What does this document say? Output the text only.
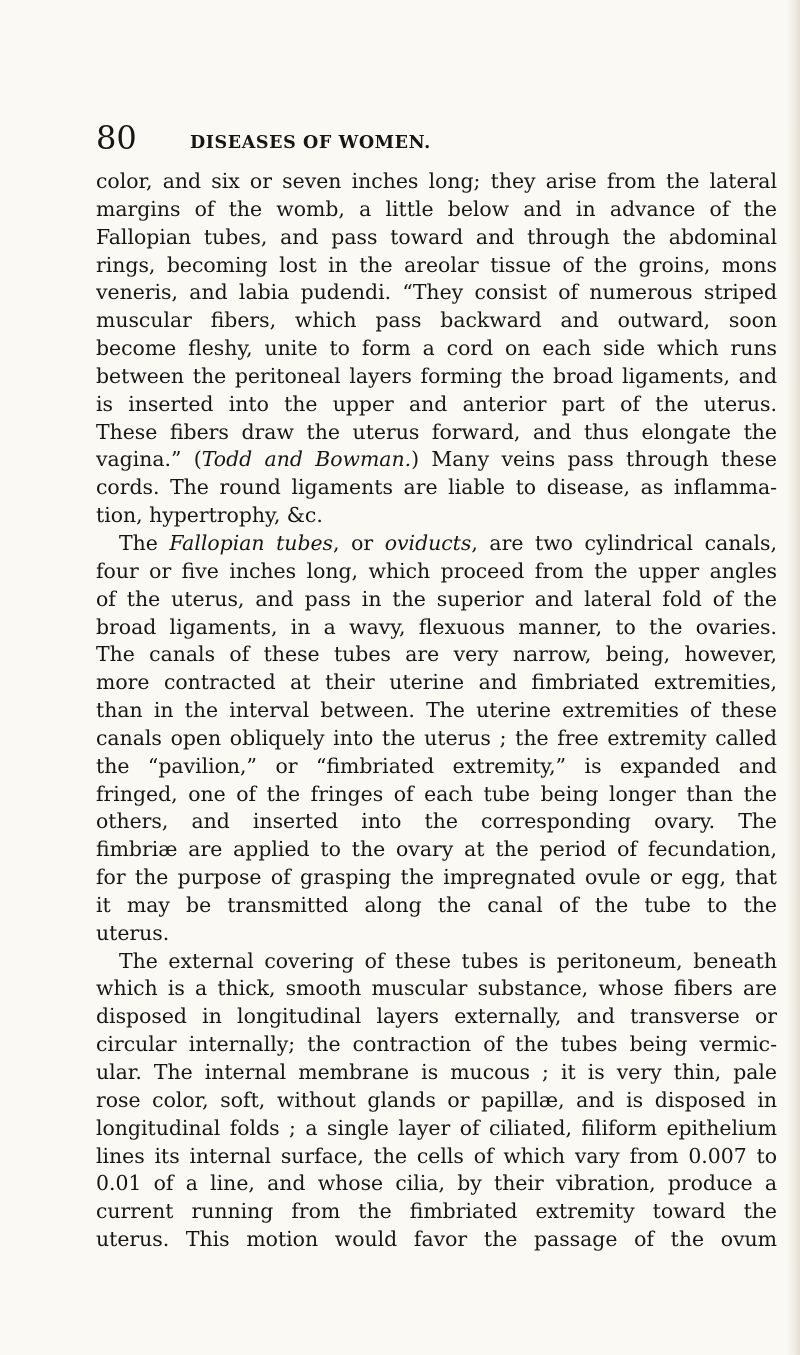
80	DISEASES OF WOMEN.
color, and six or seven inches long; they arise from the lateral
margins of the womb, a little below and in advance of the
Fallopian tubes, and pass toward and through the abdominal
rings, becoming lost in the areolar tissue of the groins, mons
veneris, and labia pudendi. “They consist of numerous striped
muscular fibers, which pass backward and outward, soon
become fleshy, unite to form a cord on each side which runs
between the peritoneal layers forming the broad ligaments, and
is inserted into the upper and anterior part of the uterus.
These fibers draw the uterus forward, and thus elongate the
vagina.” (Todd and Bowman.) Many veins pass through these
cords. The round ligaments are liable to disease, as inflamma-
tion, hypertrophy, &c.
The Fallopian tubes, or oviducts, are two cylindrical canals,
four or five inches long, which proceed from the upper angles
of the uterus, and pass in the superior and lateral fold of the
broad ligaments, in a wavy, flexuous manner, to the ovaries.
The canals of these tubes are very narrow, being, however,
more contracted at their uterine and fimbriated extremities,
than in the interval between. The uterine extremities of these
canals open obliquely into the uterus ; the free extremity called
the “pavilion,” or “fimbriated extremity,” is expanded and
fringed, one of the fringes of each tube being longer than the
others, and inserted into the corresponding ovary. The
fimbriæ are applied to the ovary at the period of fecundation,
for the purpose of grasping the impregnated ovule or egg, that
it may be transmitted along the canal of the tube to the
uterus.
The external covering of these tubes is peritoneum, beneath
which is a thick, smooth muscular substance, whose fibers are
disposed in longitudinal layers externally, and transverse or
circular internally; the contraction of the tubes being vermic-
ular. The internal membrane is mucous ; it is very thin, pale
rose color, soft, without glands or papillæ, and is disposed in
longitudinal folds ; a single layer of ciliated, filiform epithelium
lines its internal surface, the cells of which vary from 0.007 to
0.01 of a line, and whose cilia, by their vibration, produce a
current running from the fimbriated extremity toward the
uterus. This motion would favor the passage of the ovum
